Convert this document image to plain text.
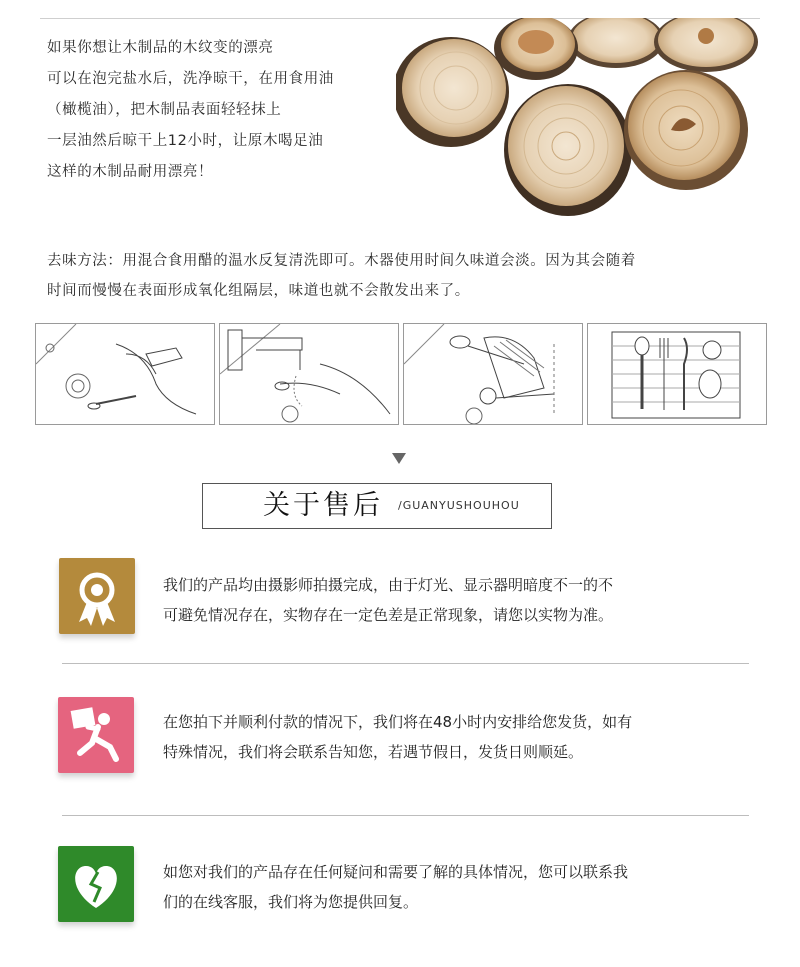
如果你想让木制品的木纹变的漂亮
可以在泡完盐水后，洗净晾干，在用食用油
（橄榄油），把木制品表面轻轻抹上
一层油然后晾干上12小时，让原木喝足油
这样的木制品耐用漂亮！
去味方法：用混合食用醋的温水反复清洗即可。木器使用时间久味道会淡。因为其会随着
时间而慢慢在表面形成氧化组隔层，味道也就不会散发出来了。
关于售后 /GUANYUSHOUHOU
我们的产品均由摄影师拍摄完成，由于灯光、显示器明暗度不一的不
可避免情况存在，实物存在一定色差是正常现象，请您以实物为准。
在您拍下并顺利付款的情况下，我们将在48小时内安排给您发货，如有
特殊情况，我们将会联系告知您，若遇节假日，发货日则顺延。
如您对我们的产品存在任何疑问和需要了解的具体情况，您可以联系我
们的在线客服，我们将为您提供回复。
